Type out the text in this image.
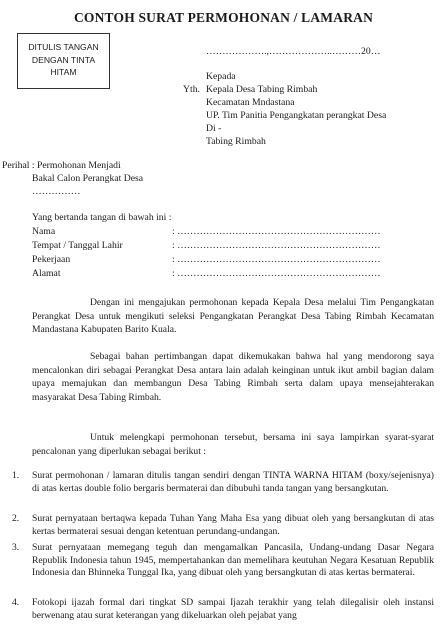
CONTOH SURAT PERMOHONAN / LAMARAN
DITULIS TANGAN
DENGAN TINTA
HITAM
……………….,………………..………20…
Kepada
Yth. Kepala Desa Tabing Rimbah
Kecamatan Mndastana
UP. Tim Panitia Pengangkatan perangkat Desa
Di -
Tabing Rimbah
Perihal : Permohonan Menjadi
Bakal Calon Perangkat Desa
……………
Yang bertanda tangan di bawah ini :
Nama	: ………………………………………………………
Tempat / Tanggal Lahir	: ………………………………………………………
Pekerjaan	: ………………………………………………………
Alamat	: ………………………………………………………
Dengan ini mengajukan permohonan kepada Kepala Desa melalui Tim Pengangkatan Perangkat Desa untuk mengikuti seleksi Pengangkatan Perangkat Desa Tabing Rimbah Kecamatan Mandastana Kabupaten Barito Kuala.
Sebagai bahan pertimbangan dapat dikemukakan bahwa hal yang mendorong saya mencalonkan diri sebagai Perangkat Desa antara lain adalah keinginan untuk ikut ambil bagian dalam upaya memajukan dan membangun Desa Tabing Rimbah serta dalam upaya mensejahterakan masyarakat Desa Tabing Rimbah.
Untuk melengkapi permohonan tersebut, bersama ini saya lampirkan syarat-syarat pencalonan yang diperlukan sebagai berikut :
1. Surat permohonan / lamaran ditulis tangan sendiri dengan TINTA WARNA HITAM (boxy/sejenisnya) di atas kertas double folio bergaris bermaterai dan dibubuhi tanda tangan yang bersangkutan.
2. Surat pernyataan bertaqwa kepada Tuhan Yang Maha Esa yang dibuat oleh yang bersangkutan di atas kertas bermaterai sesuai dengan ketentuan perundang-undangan.
3. Surat pernyataan memegang teguh dan mengamalkan Pancasila, Undang-undang Dasar Negara Republik Indonesia tahun 1945, mempertahankan dan memelihara keutuhan Negara Kesatuan Republik Indonesia dan Bhinneka Tunggal Ika, yang dibuat oleh yang bersangkutan di atas kertas bermaterai.
4. Fotokopi ijazah formal dari tingkat SD sampai Ijazah terakhir yang telah dilegalisir oleh instansi berwenang atau surat keterangan yang dikeluarkan oleh pejabat yang
